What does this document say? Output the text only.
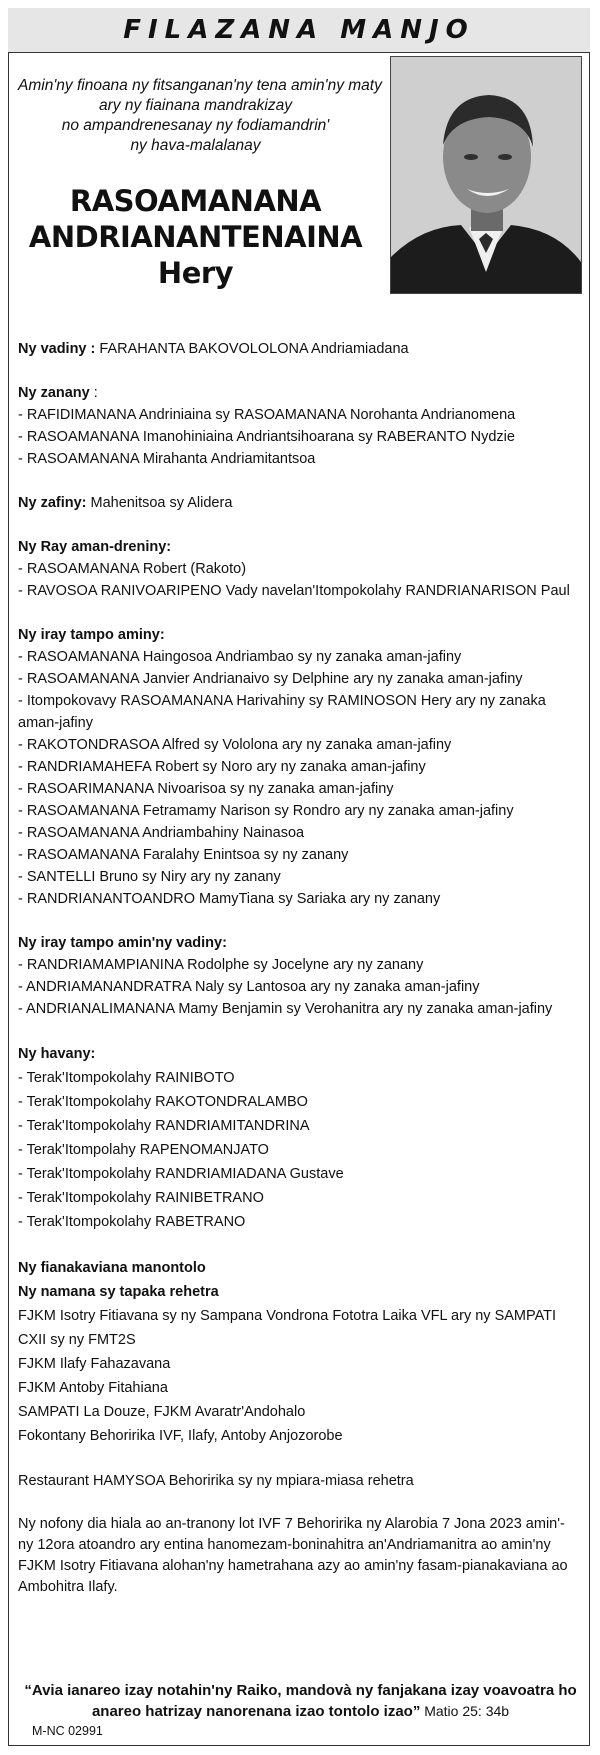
FILAZANA MANJO
Amin'ny finoana ny fitsanganan'ny tena amin'ny maty
ary ny fiainana mandrakizay
no ampandrenesanay ny fodiamandrin'
ny hava-malalanay
RASOAMANANA
ANDRIANANTENAINA
Hery
Ny vadiny : FARAHANTA BAKOVOLOLONA Andriamiadana
Ny zanany :
- RAFIDIMANANA Andriniaina sy RASOAMANANA Norohanta Andrianomena
- RASOAMANANA Imanohiniaina Andriantsihoarana sy RABERANTO Nydzie
- RASOAMANANA Mirahanta Andriamitantsoa
Ny zafiny: Mahenitsoa sy Alidera
Ny Ray aman-dreniny:
- RASOAMANANA Robert (Rakoto)
- RAVOSOA RANIVOARIPENO Vady navelan'Itompokolahy RANDRIANARISON Paul
Ny iray tampo aminy:
- RASOAMANANA Haingosoa Andriambao sy ny zanaka aman-jafiny
- RASOAMANANA Janvier Andrianaivo sy Delphine ary ny zanaka aman-jafiny
- Itompokovavy RASOAMANANA Harivahiny sy RAMINOSON Hery ary ny zanaka
aman-jafiny
- RAKOTONDRASOA Alfred sy Vololona ary ny zanaka aman-jafiny
- RANDRIAMAHEFA Robert sy Noro ary ny zanaka aman-jafiny
- RASOARIMANANA Nivoarisoa sy ny zanaka aman-jafiny
- RASOAMANANA Fetramamy Narison sy Rondro ary ny zanaka aman-jafiny
- RASOAMANANA Andriambahiny Nainasoa
- RASOAMANANA Faralahy Enintsoa sy ny zanany
- SANTELLI Bruno sy Niry ary ny zanany
- RANDRIANANTOANDRO MamyTiana sy Sariaka ary ny zanany
Ny iray tampo amin'ny vadiny:
- RANDRIAMAMPIANINA Rodolphe sy Jocelyne ary ny zanany
- ANDRIAMANANDRATRA Naly sy Lantosoa ary ny zanaka aman-jafiny
- ANDRIANALIMANANA Mamy Benjamin sy Verohanitra ary ny zanaka aman-jafiny
Ny havany:
- Terak'Itompokolahy RAINIBOTO
- Terak'Itompokolahy RAKOTONDRALAMBO
- Terak'Itompokolahy RANDRIAMITANDRINA
- Terak'Itompolahy RAPENOMANJATO
- Terak'Itompokolahy RANDRIAMIADANA Gustave
- Terak'Itompokolahy RAINIBETRANO
- Terak'Itompokolahy RABETRANO
Ny fianakaviana manontolo
Ny namana sy tapaka rehetra
FJKM Isotry Fitiavana sy ny Sampana Vondrona Fototra Laika VFL ary ny SAMPATI
CXII sy ny FMT2S
FJKM Ilafy Fahazavana
FJKM Antoby Fitahiana
SAMPATI La Douze, FJKM Avaratr'Andohalo
Fokontany Behoririka IVF, Ilafy, Antoby Anjozorobe
Restaurant HAMYSOA Behoririka sy ny mpiara-miasa rehetra
Ny nofony dia hiala ao an-tranony lot IVF 7 Behoririka ny Alarobia 7 Jona 2023 amin'-
ny 12ora atoandro ary entina hanomezam-boninahitra an'Andriamanitra ao amin'ny
FJKM Isotry Fitiavana alohan'ny hametrahana azy ao amin'ny fasam-pianakaviana ao
Ambohitra Ilafy.
“Avia ianareo izay notahin'ny Raiko, mandovà ny fanjakana izay voavoatra ho
anareo hatrizay nanorenana izao tontolo izao” Matio 25: 34b
M-NC 02991
